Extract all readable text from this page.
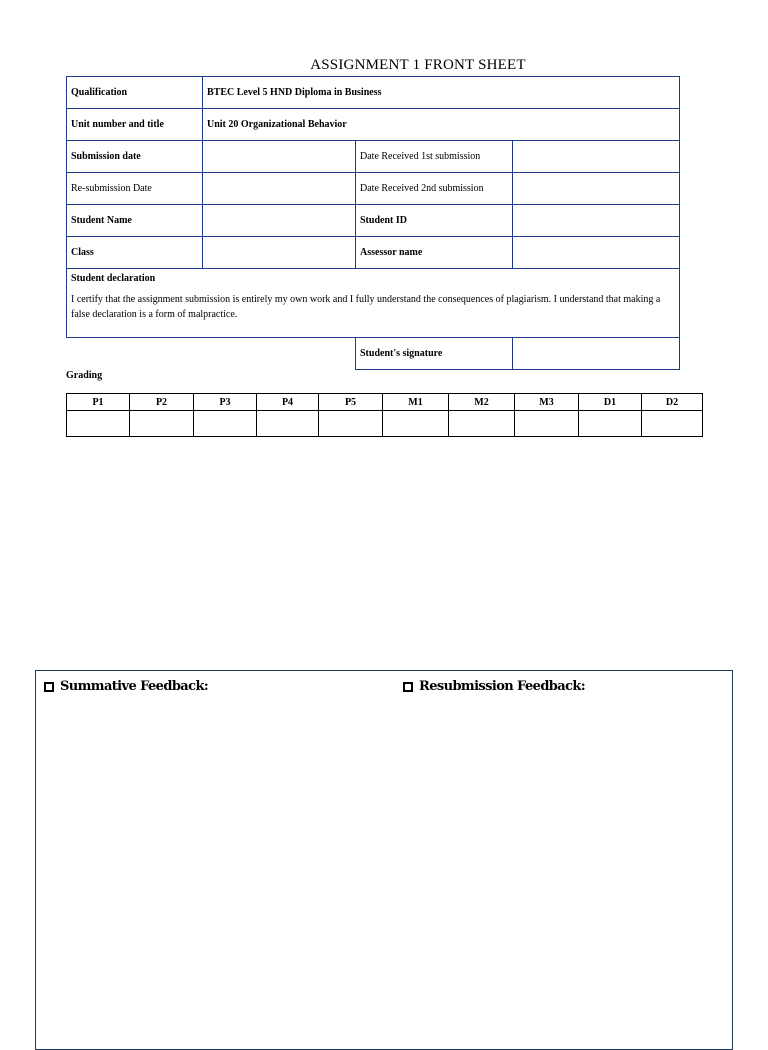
ASSIGNMENT 1 FRONT SHEET
Qualification	BTEC Level 5 HND Diploma in Business		
Unit number and title	Unit 20 Organizational Behavior		
Submission date		Date Received 1st submission	
Re-submission Date		Date Received 2nd submission	
Student Name		Student ID	
Class		Assessor name	

Student declaration
I certify that the assignment submission is entirely my own work and I fully understand the consequences of plagiarism. I understand that making a false declaration is a form of malpractice.			

		Student's signature	
Grading
P1	P2	P3	P4	P5	M1	M2	M3	D1	D2

Summative Feedback:	Resubmission Feedback:
